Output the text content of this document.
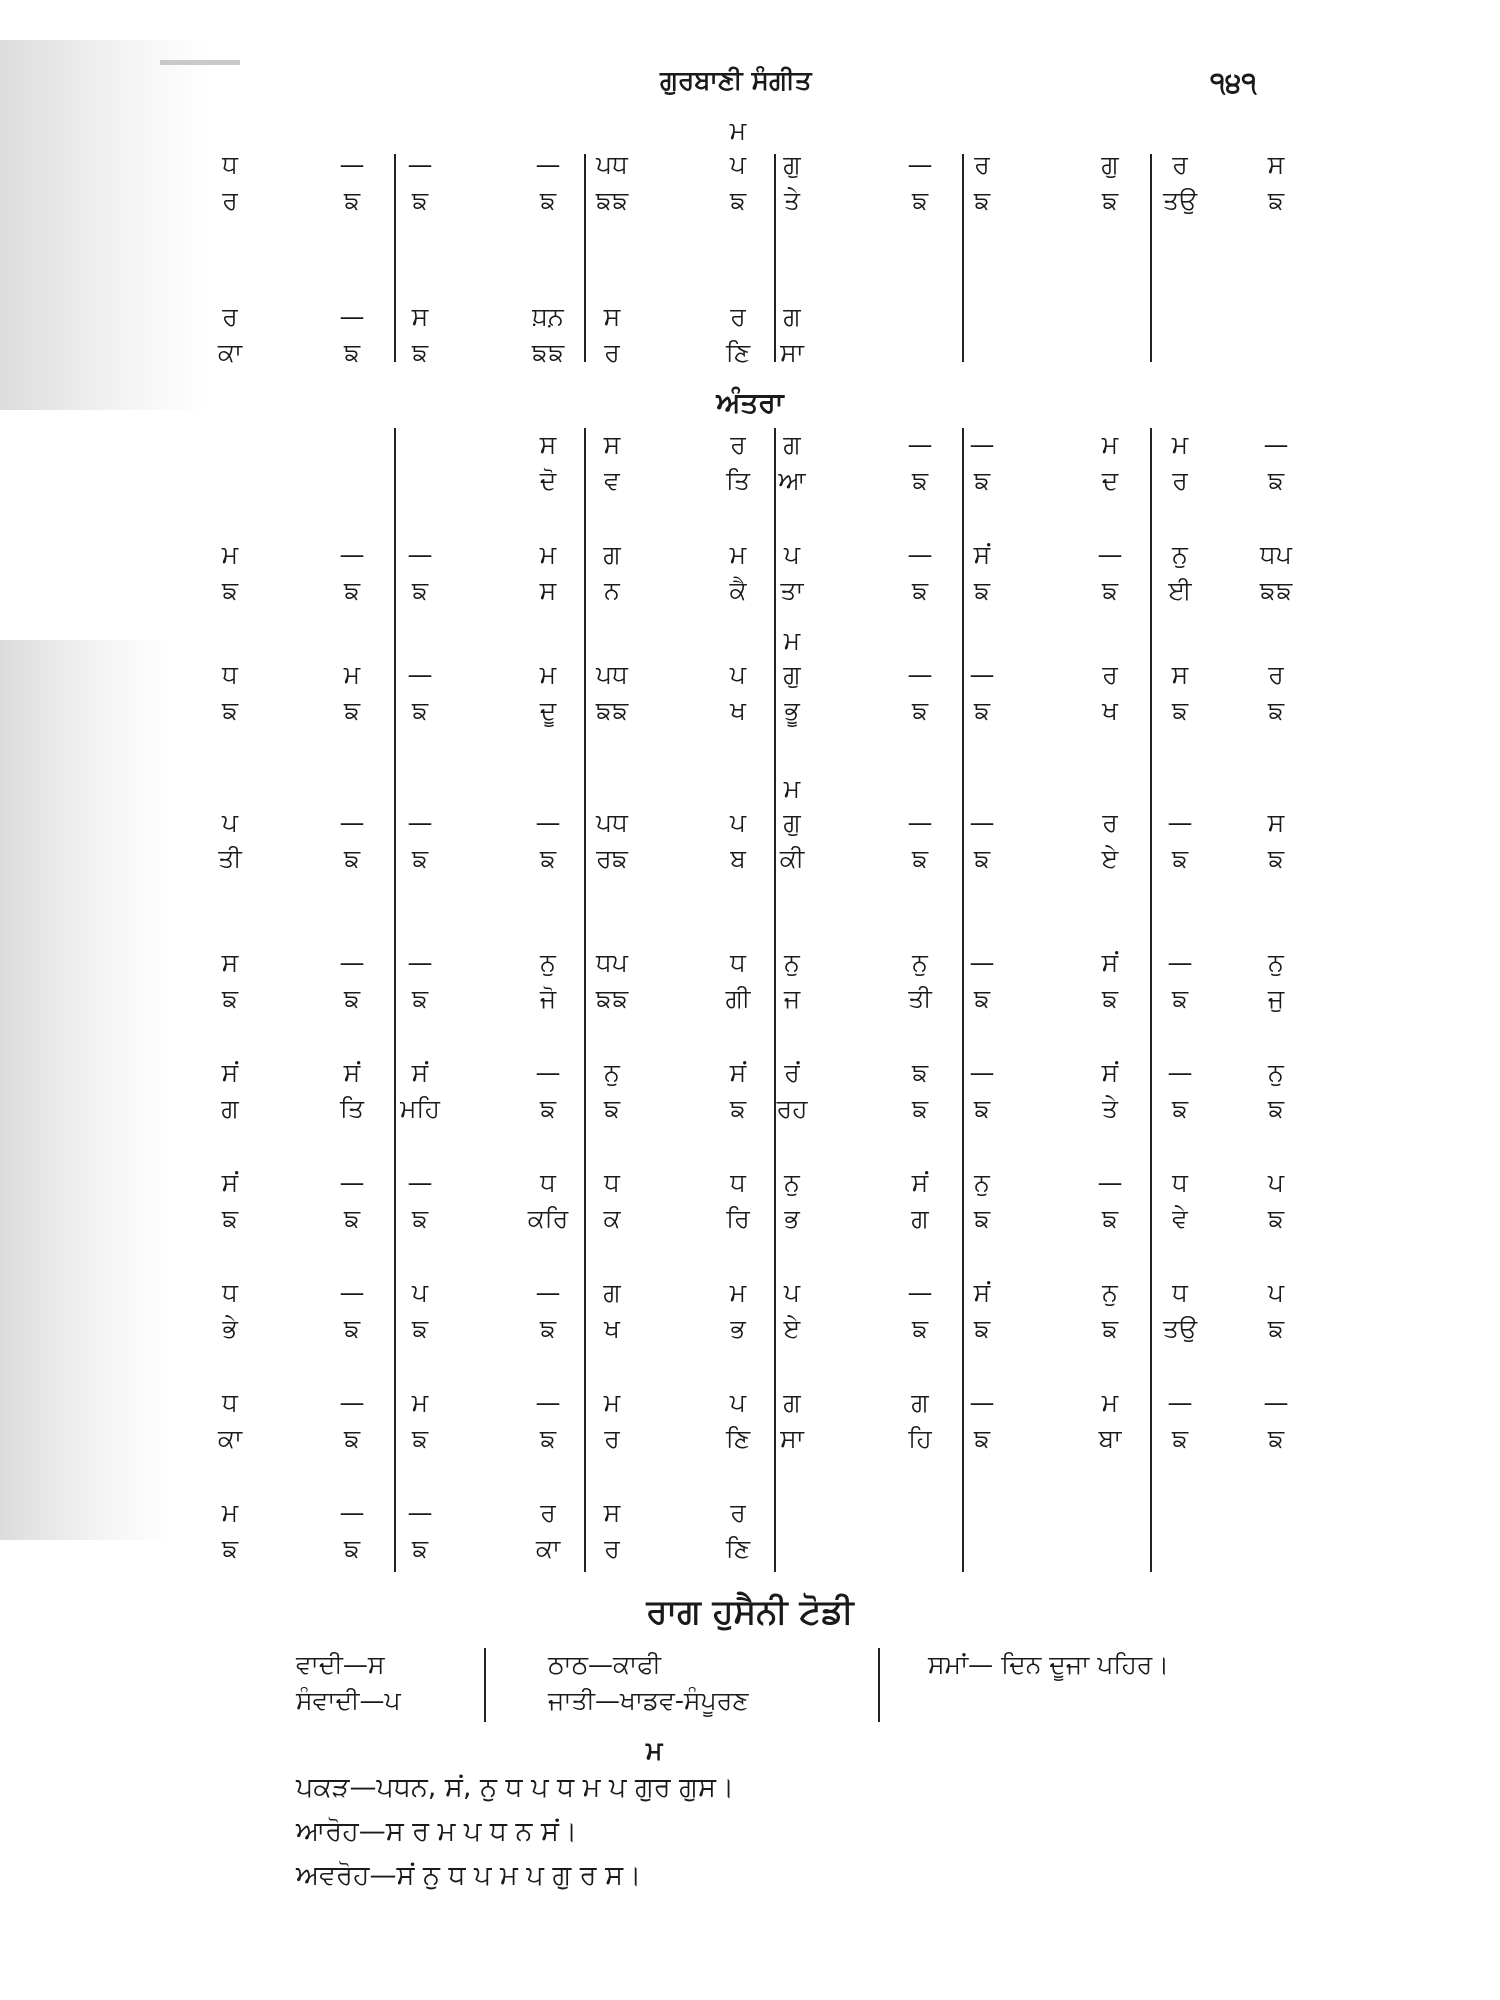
ਗੁਰਬਾਣੀ ਸੰਗੀਤ	੧੪੧
ਧ
ਰ
—
ਙ
—
ਙ
—
ਙ
ਪਧ
ਙਙ
ਮ
ਪ
ਙ
ਗੁ
ਤੇ
—
ਙ
ਰ
ਙ
ਗੁ
ਙ
ਰ
ਤਉ
ਸ
ਙ
ਰ
ਕਾ
—
ਙ
ਸ
ਙ
ਧ਼ਨ਼
ਙਙ
ਸ
ਰ
ਰ
ਣਿ
ਗ
ਸਾ
ਸ
ਦੋ
ਸ
ਵ
ਰ
ਤਿ
ਗ
ਆ
—
ਙ
—
ਙ
ਮ
ਦ
ਮ
ਰ
—
ਙ
ਮ
ਙ
—
ਙ
—
ਙ
ਮ
ਸ
ਗ
ਨ
ਮ
ਕੈ
ਪ
ਤਾ
—
ਙ
ਸਂ
ਙ
—
ਙ
ਨੁ
ਈ
ਧਪ
ਙਙ
ਧ
ਙ
ਮ
ਙ
—
ਙ
ਮ
ਦੂ
ਪਧ
ਙਙ
ਪ
ਖ
ਮ
ਗੁ
ਭੂ
—
ਙ
—
ਙ
ਰ
ਖ
ਸ
ਙ
ਰ
ਙ
ਪ
ਤੀ
—
ਙ
—
ਙ
—
ਙ
ਪਧ
ਰਙ
ਪ
ਬ
ਮ
ਗੁ
ਕੀ
—
ਙ
—
ਙ
ਰ
ਏ
—
ਙ
ਸ
ਙ
ਸ
ਙ
—
ਙ
—
ਙ
ਨੁ
ਜੋ
ਧਪ
ਙਙ
ਧ
ਗੀ
ਨੁ
ਜ
ਨੁ
ਤੀ
—
ਙ
ਸਂ
ਙ
—
ਙ
ਨੁ
ਜੁ
ਸਂ
ਗ
ਸਂ
ਤਿ
ਸਂ
ਮਹਿ
—
ਙ
ਨੁ
ਙ
ਸਂ
ਙ
ਰਂ
ਰਹ
ਙ
ਙ
—
ਙ
ਸਂ
ਤੇ
—
ਙ
ਨੁ
ਙ
ਸਂ
ਙ
—
ਙ
—
ਙ
ਧ
ਕਰਿ
ਧ
ਕ
ਧ
ਰਿ
ਨੁ
ਭ
ਸਂ
ਗ
ਨੁ
ਙ
—
ਙ
ਧ
ਵੇ
ਪ
ਙ
ਧ
ਭੇ
—
ਙ
ਪ
ਙ
—
ਙ
ਗ
ਖ
ਮ
ਭ
ਪ
ਏ
—
ਙ
ਸਂ
ਙ
ਨੁ
ਙ
ਧ
ਤਉ
ਪ
ਙ
ਧ
ਕਾ
—
ਙ
ਮ
ਙ
—
ਙ
ਮ
ਰ
ਪ
ਣਿ
ਗ
ਸਾ
ਗ
ਹਿ
—
ਙ
ਮ
ਬਾ
—
ਙ
—
ਙ
ਮ
ਙ
—
ਙ
—
ਙ
ਰ
ਕਾ
ਸ
ਰ
ਰ
ਣਿ
ਅੰਤਰਾ
ਰਾਗ ਹੁਸੈਨੀ ਟੋਡੀ
ਵਾਦੀ—ਸ
ਸੰਵਾਦੀ—ਪ
ਠਾਠ—ਕਾਫੀ
ਜਾਤੀ—ਖਾਡਵ-ਸੰਪੂਰਣ
ਸਮਾਂ— ਦਿਨ ਦੂਜਾ ਪਹਿਰ।
ਮ
ਪਕੜ—ਪਧਨ, ਸਂ, ਨੁ ਧ ਪ ਧ ਮ ਪ ਗੁਰ ਗੁਸ।
ਆਰੋਹ—ਸ ਰ ਮ ਪ ਧ ਨ ਸਂ।
ਅਵਰੋਹ—ਸਂ ਨੁ ਧ ਪ ਮ ਪ ਗੁ ਰ ਸ।
